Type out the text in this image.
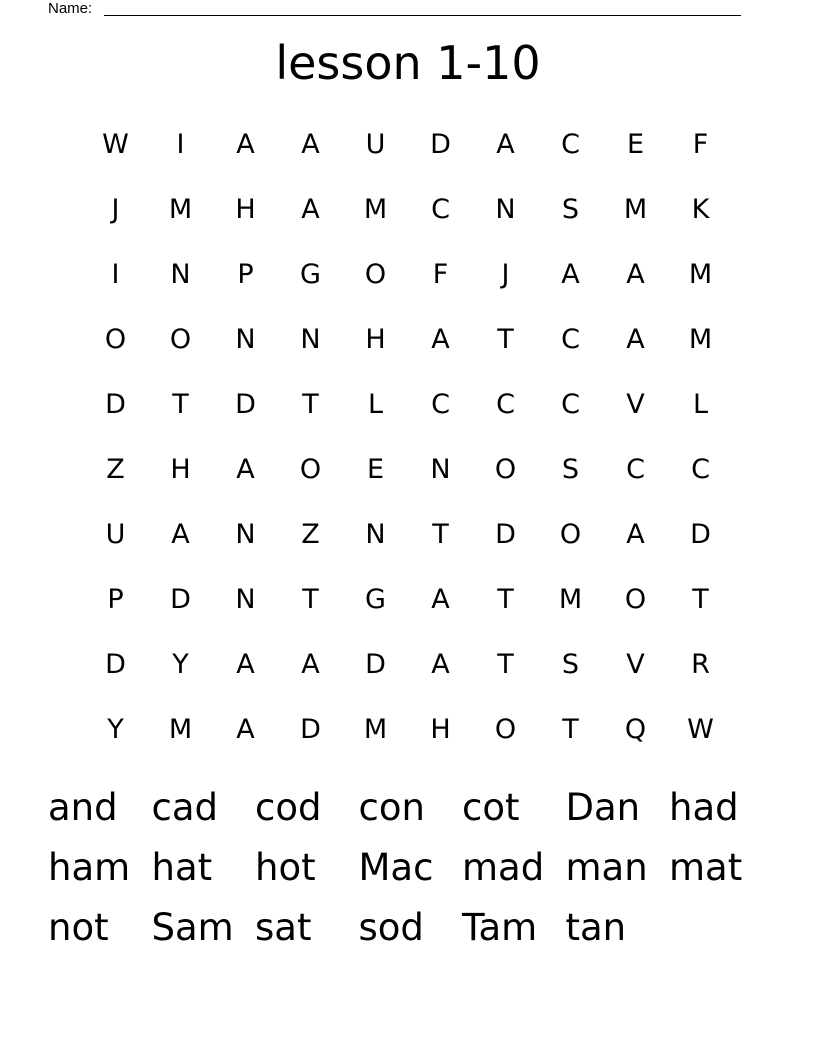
Name:
lesson 1-10
W	I	A	A	U	D	A	C	E	F
J	M	H	A	M	C	N	S	M	K
I	N	P	G	O	F	J	A	A	M
O	O	N	N	H	A	T	C	A	M
D	T	D	T	L	C	C	C	V	L
Z	H	A	O	E	N	O	S	C	C
U	A	N	Z	N	T	D	O	A	D
P	D	N	T	G	A	T	M	O	T
D	Y	A	A	D	A	T	S	V	R
Y	M	A	D	M	H	O	T	Q	W
and cad cod	con	cot	Dan had
ham hat	hot	Mac mad man mat
not	Sam sat	sod	Tam tan
